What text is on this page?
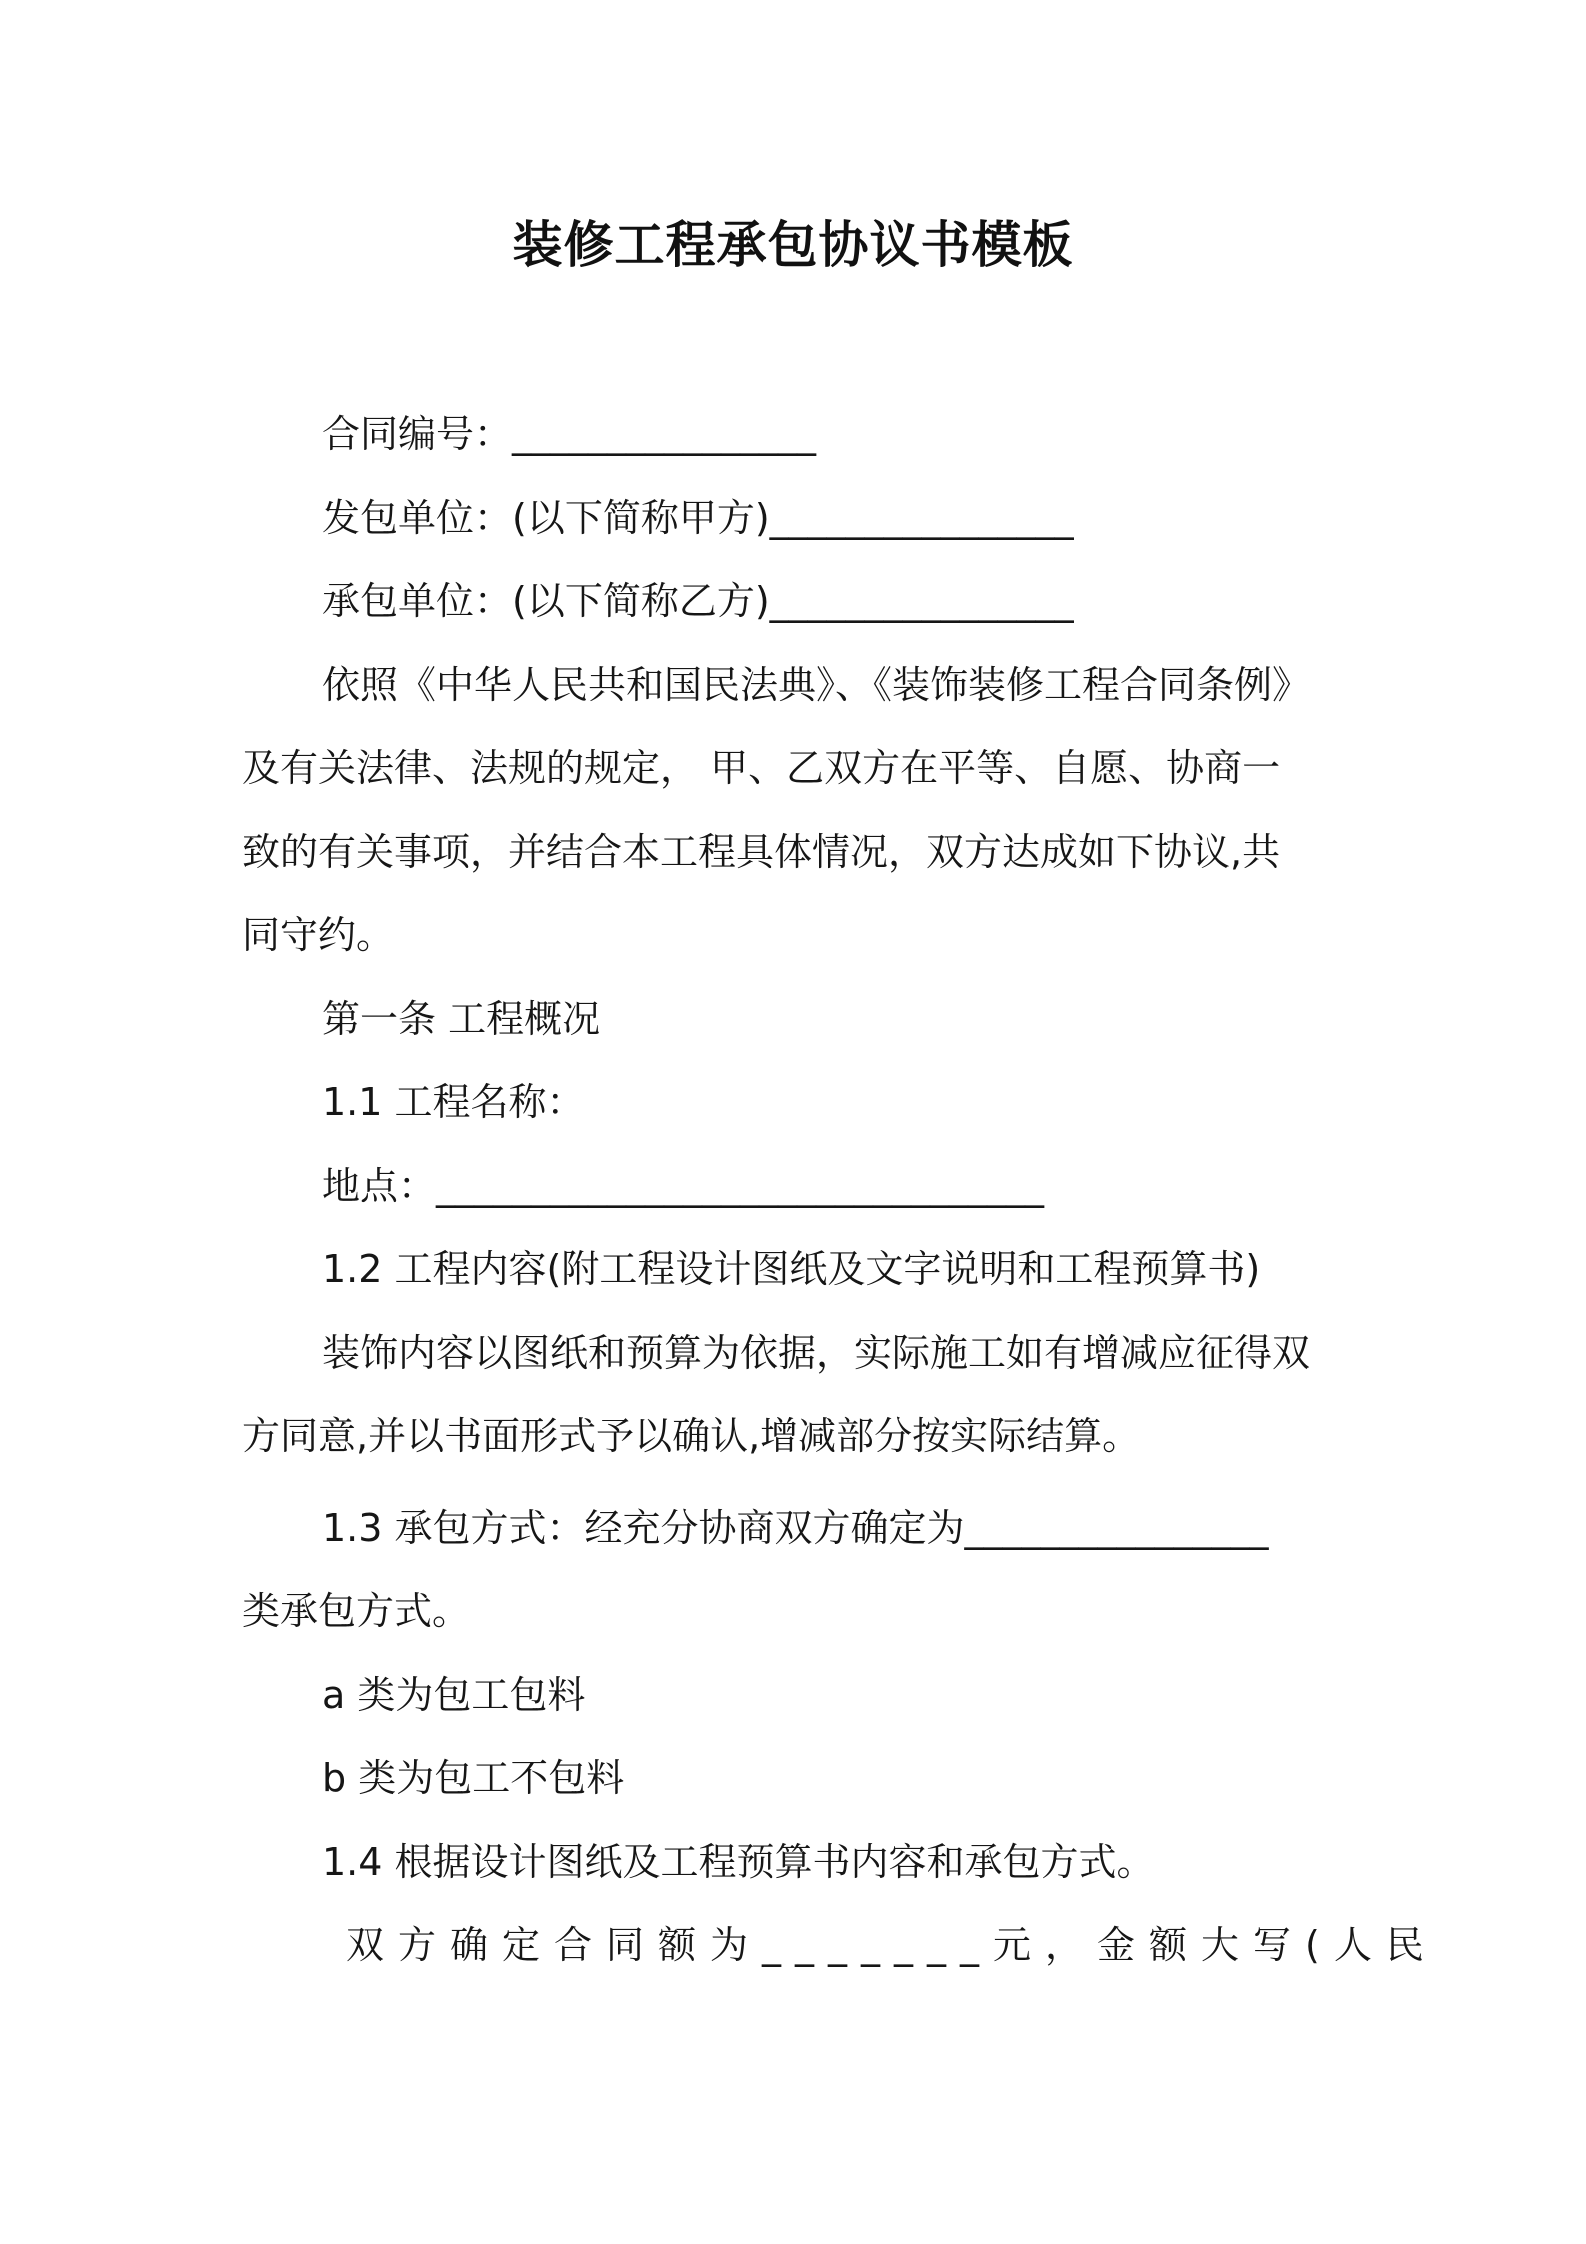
装修工程承包协议书模板
合同编号：________________
发包单位：(以下简称甲方)________________
承包单位：(以下简称乙方)________________
依照《中华人民共和国民法典》、《装饰装修工程合同条例》
及有关法律、法规的规定， 甲、乙双方在平等、自愿、协商一
致的有关事项，并结合本工程具体情况，双方达成如下协议,共
同守约。
第一条 工程概况
1.1 工程名称：
地点：________________________________
1.2 工程内容(附工程设计图纸及文字说明和工程预算书)
装饰内容以图纸和预算为依据，实际施工如有增减应征得双
方同意,并以书面形式予以确认,增减部分按实际结算。
1.3 承包方式：经充分协商双方确定为________________
类承包方式。
a 类为包工包料
b 类为包工不包料
1.4 根据设计图纸及工程预算书内容和承包方式。
双方确定合同额为_______元，金额大写(人民
